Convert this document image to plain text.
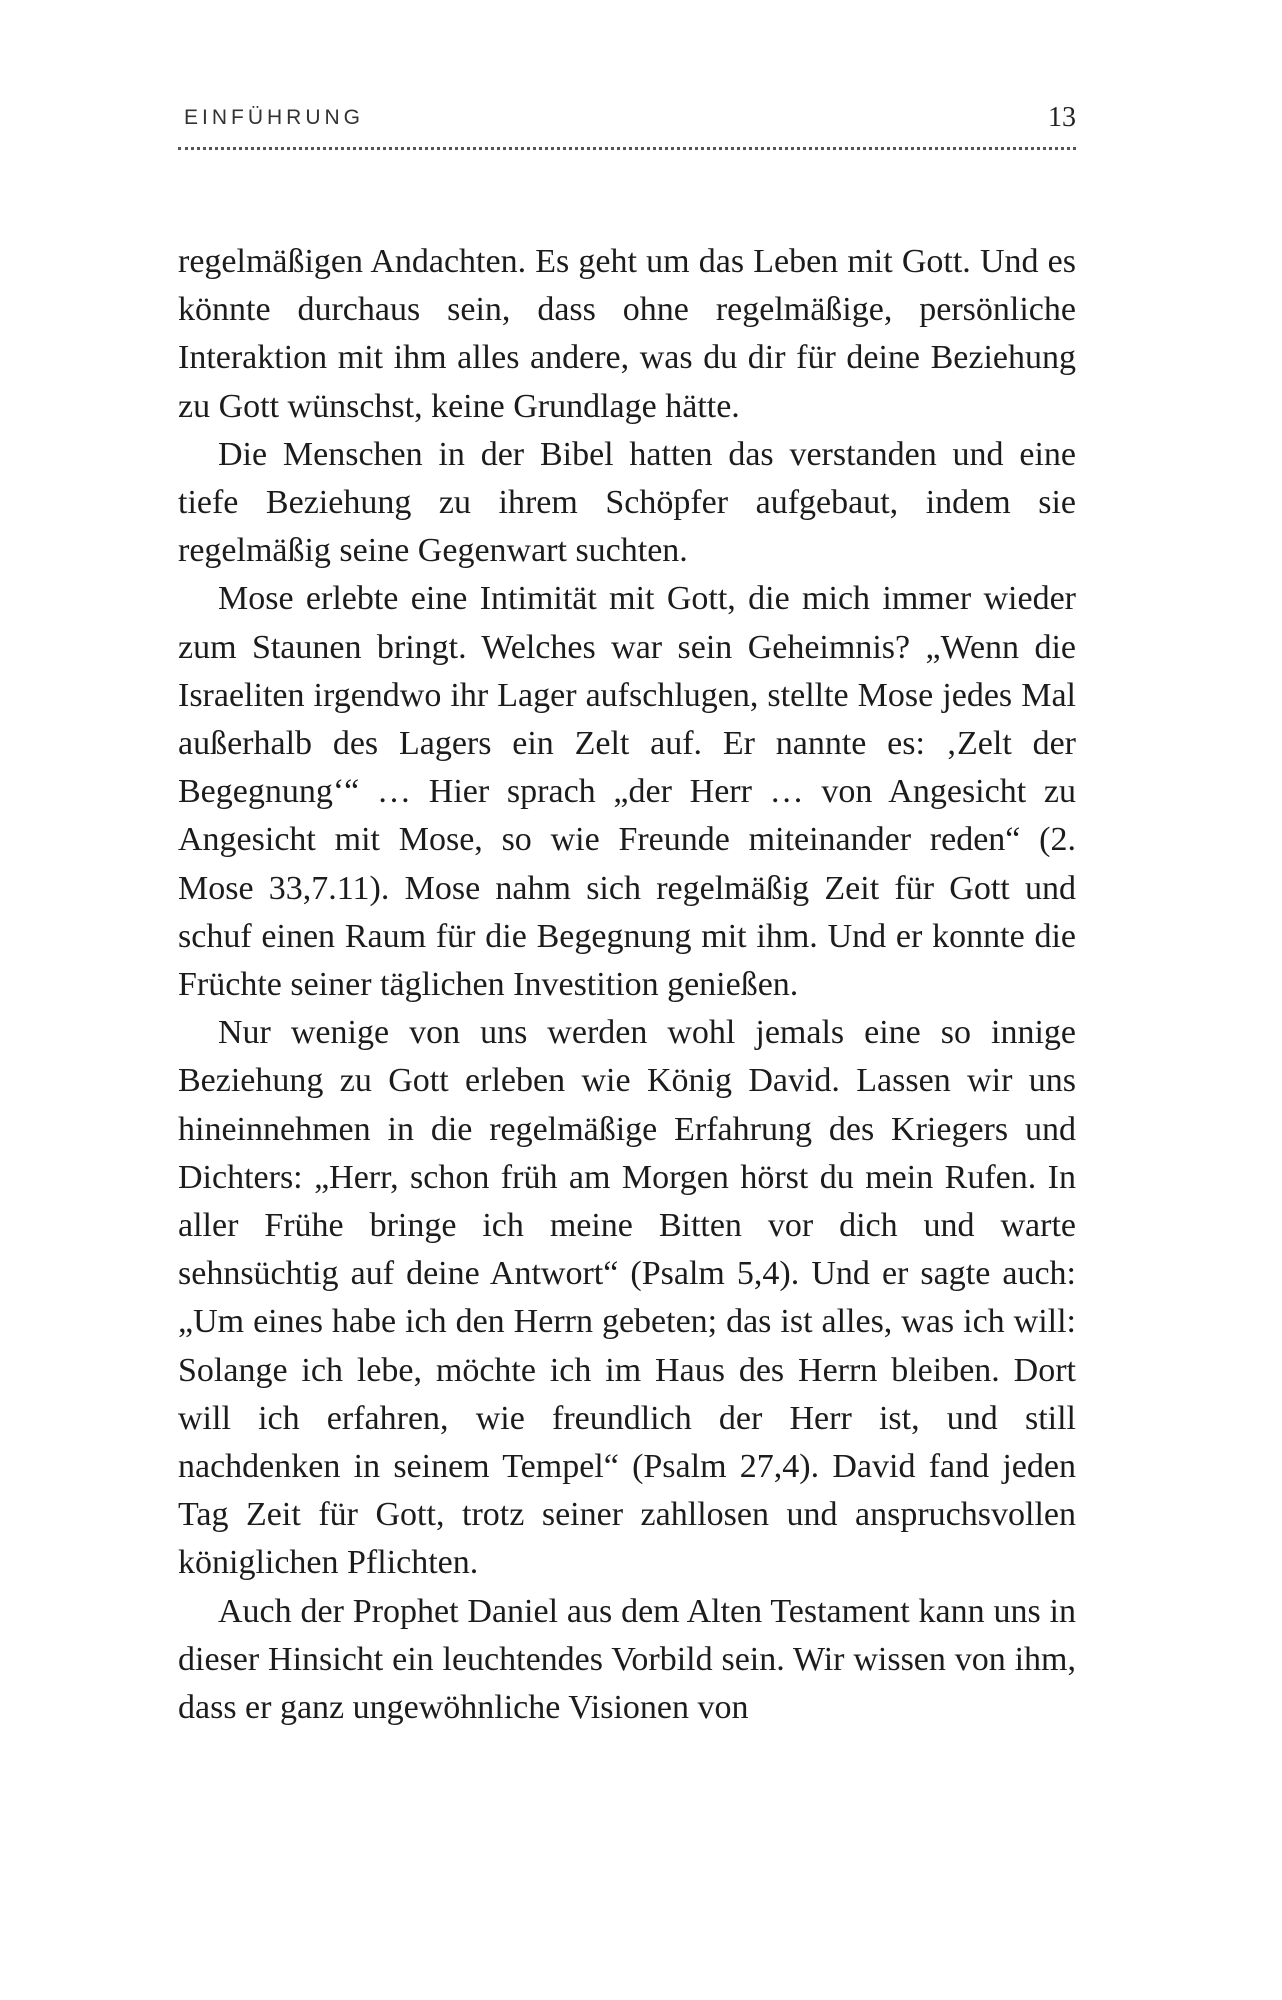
EINFÜHRUNG	13

regelmäßigen Andachten. Es geht um das Leben mit Gott. Und es könnte durchaus sein, dass ohne regelmäßige, persönliche Interaktion mit ihm alles andere, was du dir für deine Beziehung zu Gott wünschst, keine Grundlage hätte.

Die Menschen in der Bibel hatten das verstanden und eine tiefe Beziehung zu ihrem Schöpfer aufgebaut, indem sie regelmäßig seine Gegenwart suchten.

Mose erlebte eine Intimität mit Gott, die mich immer wieder zum Staunen bringt. Welches war sein Geheimnis? „Wenn die Israeliten irgendwo ihr Lager aufschlugen, stellte Mose jedes Mal außerhalb des Lagers ein Zelt auf. Er nannte es: ‚Zelt der Begegnung‘“ … Hier sprach „der Herr … von Angesicht zu Angesicht mit Mose, so wie Freunde miteinander reden“ (2. Mose 33,7.11). Mose nahm sich regelmäßig Zeit für Gott und schuf einen Raum für die Begegnung mit ihm. Und er konnte die Früchte seiner täglichen Investition genießen.

Nur wenige von uns werden wohl jemals eine so innige Beziehung zu Gott erleben wie König David. Lassen wir uns hineinnehmen in die regelmäßige Erfahrung des Kriegers und Dichters: „Herr, schon früh am Morgen hörst du mein Rufen. In aller Frühe bringe ich meine Bitten vor dich und warte sehnsüchtig auf deine Antwort“ (Psalm 5,4). Und er sagte auch: „Um eines habe ich den Herrn gebeten; das ist alles, was ich will: Solange ich lebe, möchte ich im Haus des Herrn bleiben. Dort will ich erfahren, wie freundlich der Herr ist, und still nachdenken in seinem Tempel“ (Psalm 27,4). David fand jeden Tag Zeit für Gott, trotz seiner zahllosen und anspruchsvollen königlichen Pflichten.

Auch der Prophet Daniel aus dem Alten Testament kann uns in dieser Hinsicht ein leuchtendes Vorbild sein. Wir wissen von ihm, dass er ganz ungewöhnliche Visionen von
